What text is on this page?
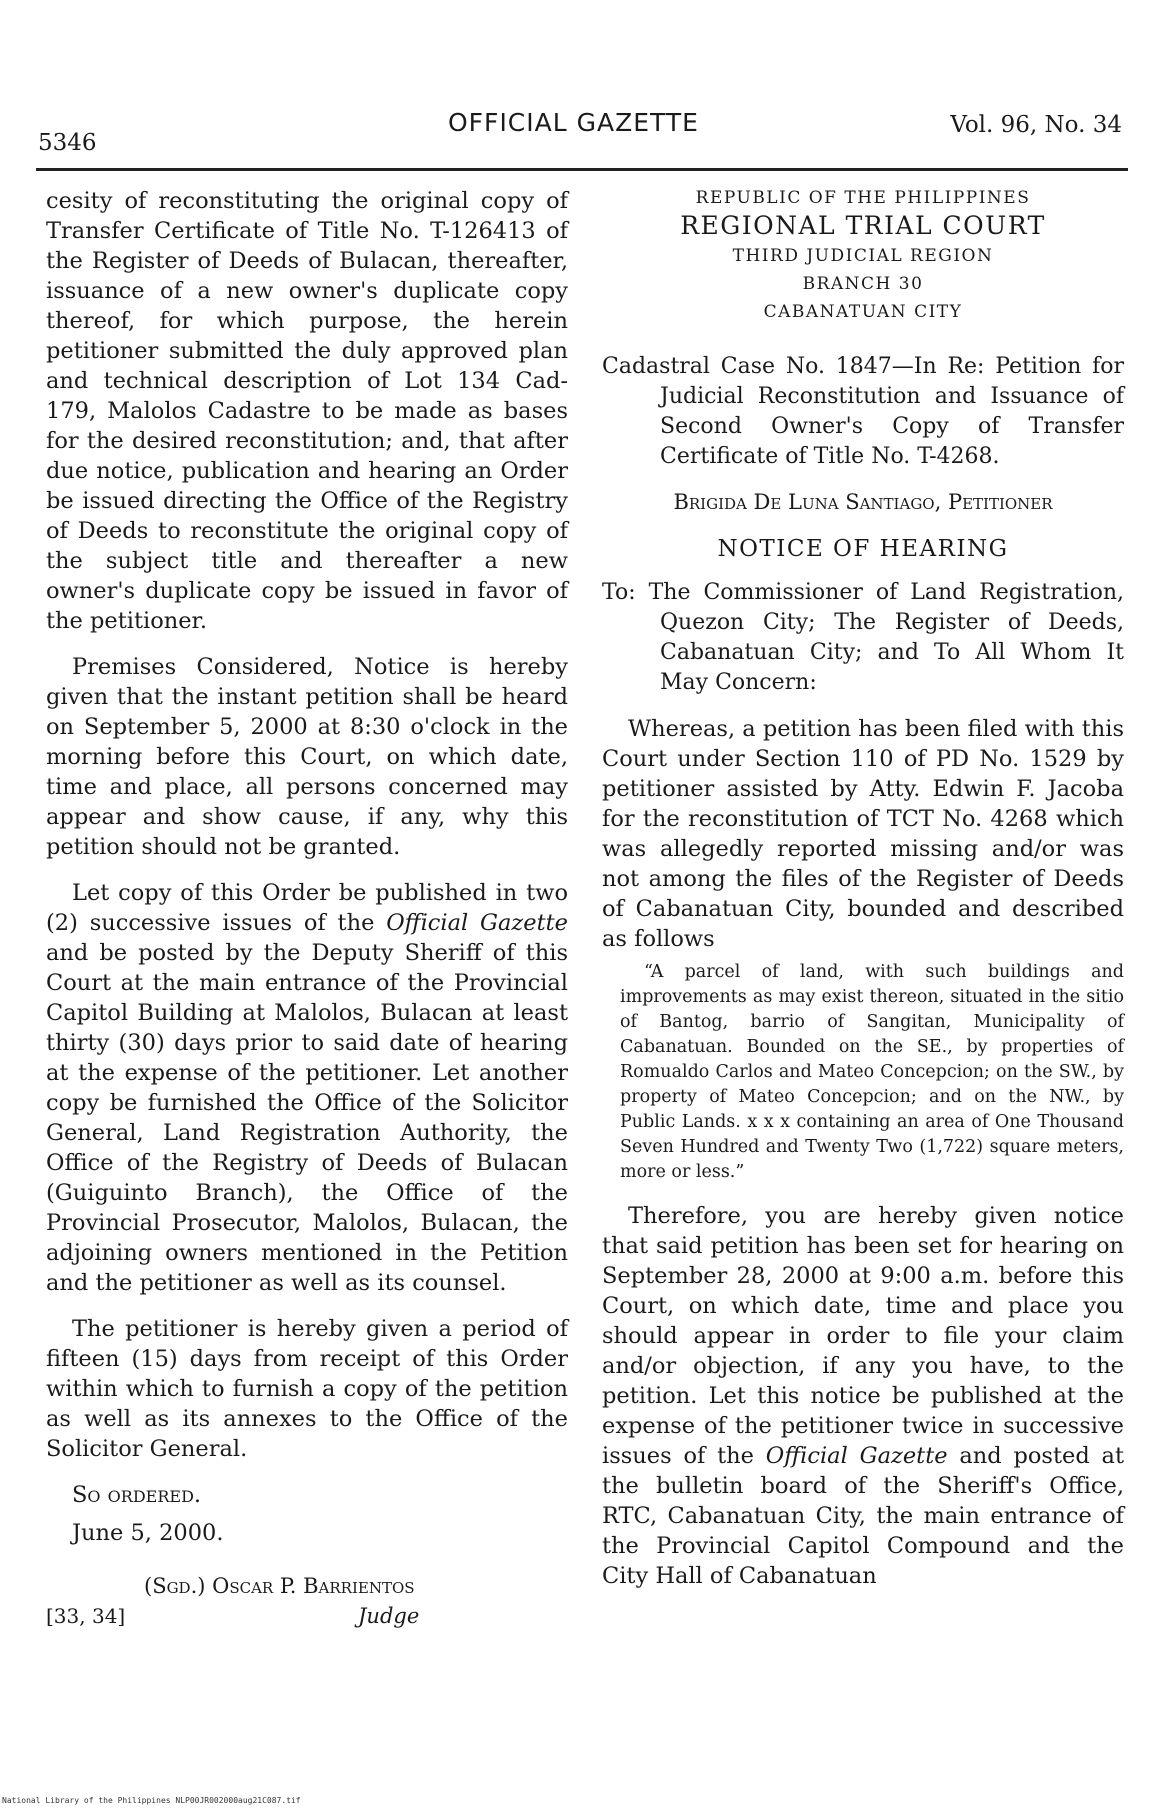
5346
OFFICIAL GAZETTE	Vol. 96, No. 34

cesity of reconstituting the original copy of Transfer Certificate of Title No. T-126413 of the Register of Deeds of Bulacan, thereafter, issuance of a new owner's duplicate copy thereof, for which purpose, the herein petitioner submitted the duly approved plan and technical description of Lot 134 Cad-179, Malolos Cadastre to be made as bases for the desired reconstitution; and, that after due notice, publication and hearing an Order be issued directing the Office of the Registry of Deeds to reconstitute the original copy of the subject title and thereafter a new owner's duplicate copy be issued in favor of the petitioner.

Premises Considered, Notice is hereby given that the instant petition shall be heard on September 5, 2000 at 8:30 o'clock in the morning before this Court, on which date, time and place, all persons concerned may appear and show cause, if any, why this petition should not be granted.

Let copy of this Order be published in two (2) successive issues of the Official Gazette and be posted by the Deputy Sheriff of this Court at the main entrance of the Provincial Capitol Building at Malolos, Bulacan at least thirty (30) days prior to said date of hearing at the expense of the petitioner. Let another copy be furnished the Office of the Solicitor General, Land Registration Authority, the Office of the Registry of Deeds of Bulacan (Guiguinto Branch), the Office of the Provincial Prosecutor, Malolos, Bulacan, the adjoining owners mentioned in the Petition and the petitioner as well as its counsel.

The petitioner is hereby given a period of fifteen (15) days from receipt of this Order within which to furnish a copy of the petition as well as its annexes to the Office of the Solicitor General.

So ordered.

June 5, 2000.

(Sgd.) Oscar P. Barrientos
[33, 34]	Judge

REPUBLIC OF THE PHILIPPINES

REGIONAL TRIAL COURT

THIRD JUDICIAL REGION

BRANCH 30

CABANATUAN CITY

Cadastral Case No. 1847—In Re: Petition for Judicial Reconstitution and Issuance of Second Owner's Copy of Transfer Certificate of Title No. T-4268.

Brigida De Luna Santiago, Petitioner

NOTICE OF HEARING

To: The Commissioner of Land Registration, Quezon City; The Register of Deeds, Cabanatuan City; and To All Whom It May Concern:

Whereas, a petition has been filed with this Court under Section 110 of PD No. 1529 by petitioner assisted by Atty. Edwin F. Jacoba for the reconstitution of TCT No. 4268 which was allegedly reported missing and/or was not among the files of the Register of Deeds of Cabanatuan City, bounded and described as follows

“A parcel of land, with such buildings and improvements as may exist thereon, situated in the sitio of Bantog, barrio of Sangitan, Municipality of Cabanatuan. Bounded on the SE., by properties of Romualdo Carlos and Mateo Concepcion; on the SW., by property of Mateo Concepcion; and on the NW., by Public Lands. x x x containing an area of One Thousand Seven Hundred and Twenty Two (1,722) square meters, more or less.”

Therefore, you are hereby given notice that said petition has been set for hearing on September 28, 2000 at 9:00 a.m. before this Court, on which date, time and place you should appear in order to file your claim and/or objection, if any you have, to the petition. Let this notice be published at the expense of the petitioner twice in successive issues of the Official Gazette and posted at the bulletin board of the Sheriff's Office, RTC, Cabanatuan City, the main entrance of the Provincial Capitol Compound and the City Hall of Cabanatuan

National Library of the Philippines NLP00JR002000aug21C087.tif
